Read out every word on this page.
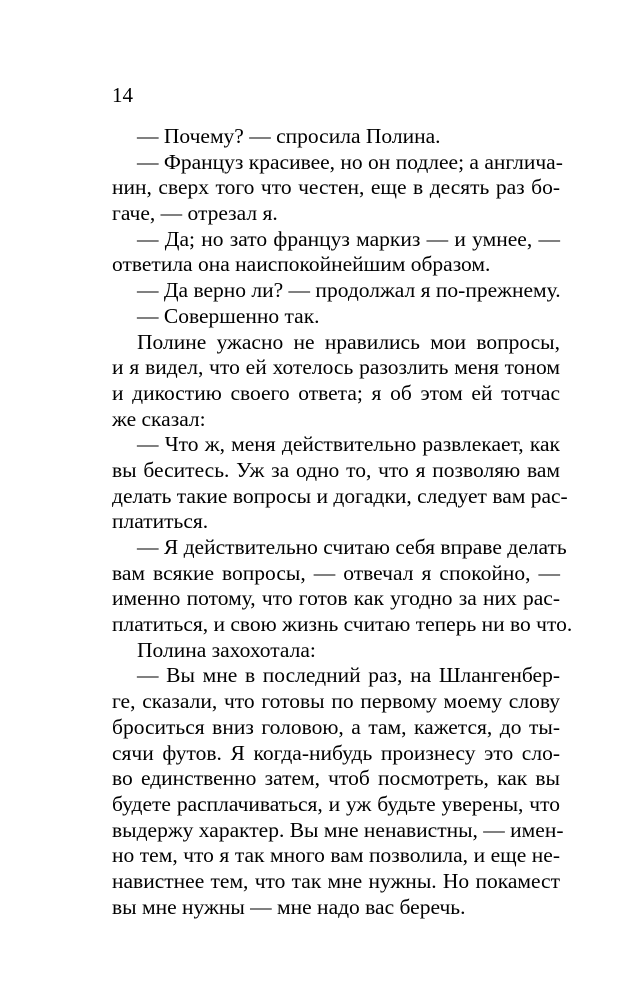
14
— Почему? — спросила Полина.
— Француз красивее, но он подлее; а англича-
нин, сверх того что честен, еще в десять раз бо-
гаче, — отрезал я.
— Да; но зато француз маркиз — и умнее, —
ответила она наиспокойнейшим образом.
— Да верно ли? — продолжал я по-прежнему.
— Совершенно так.
Полине ужасно не нравились мои вопросы,
и я видел, что ей хотелось разозлить меня тоном
и дикостию своего ответа; я об этом ей тотчас
же сказал:
— Что ж, меня действительно развлекает, как
вы беситесь. Уж за одно то, что я позволяю вам
делать такие вопросы и догадки, следует вам рас-
платиться.
— Я действительно считаю себя вправе делать
вам всякие вопросы, — отвечал я спокойно, —
именно потому, что готов как угодно за них рас-
платиться, и свою жизнь считаю теперь ни во что.
Полина захохотала:
— Вы мне в последний раз, на Шлангенбер-
ге, сказали, что готовы по первому моему слову
броситься вниз головою, а там, кажется, до ты-
сячи футов. Я когда-нибудь произнесу это сло-
во единственно затем, чтоб посмотреть, как вы
будете расплачиваться, и уж будьте уверены, что
выдержу характер. Вы мне ненавистны, — имен-
но тем, что я так много вам позволила, и еще не-
навистнее тем, что так мне нужны. Но покамест
вы мне нужны — мне надо вас беречь.
